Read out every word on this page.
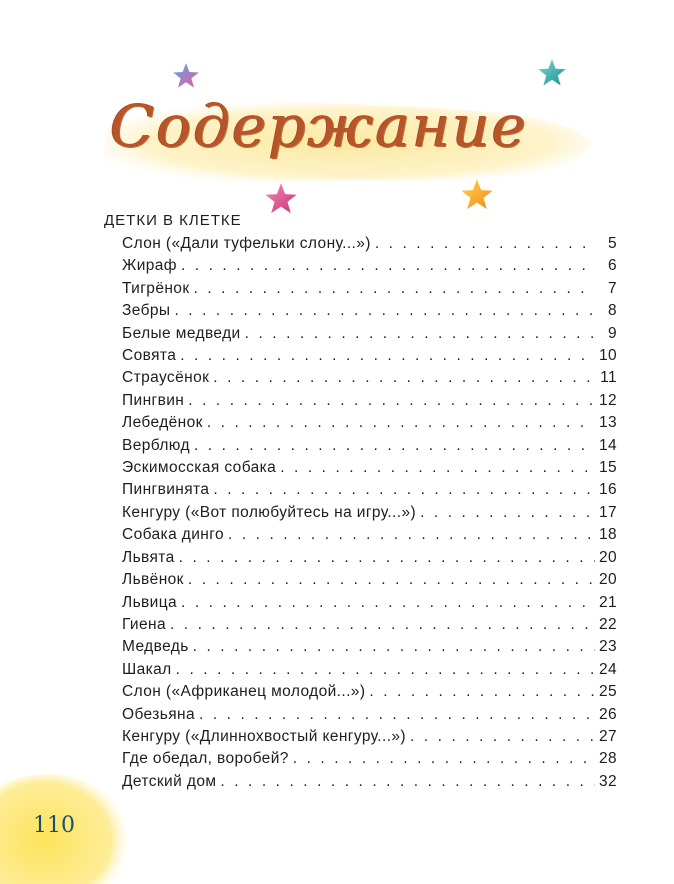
Содержание
ДЕТКИ В КЛЕТКЕ
Слон («Дали туфельки слону...») . . .	5
Жираф . . .	6
Тигрёнок . . .	7
Зебры . . .	8
Белые медведи . . .	9
Совята . . .	10
Страусёнок . . .	11
Пингвин . . .	12
Лебедёнок . . .	13
Верблюд . . .	14
Эскимосская собака . . .	15
Пингвинята . . .	16
Кенгуру («Вот полюбуйтесь на игру...») . . .	17
Собака динго . . .	18
Львята . . .	20
Львёнок . . .	20
Львица . . .	21
Гиена . . .	22
Медведь . . .	23
Шакал . . .	24
Слон («Африканец молодой...») . . .	25
Обезьяна . . .	26
Кенгуру («Длиннохвостый кенгуру...») . . .	27
Где обедал, воробей? . . .	28
Детский дом . . .	32
110
